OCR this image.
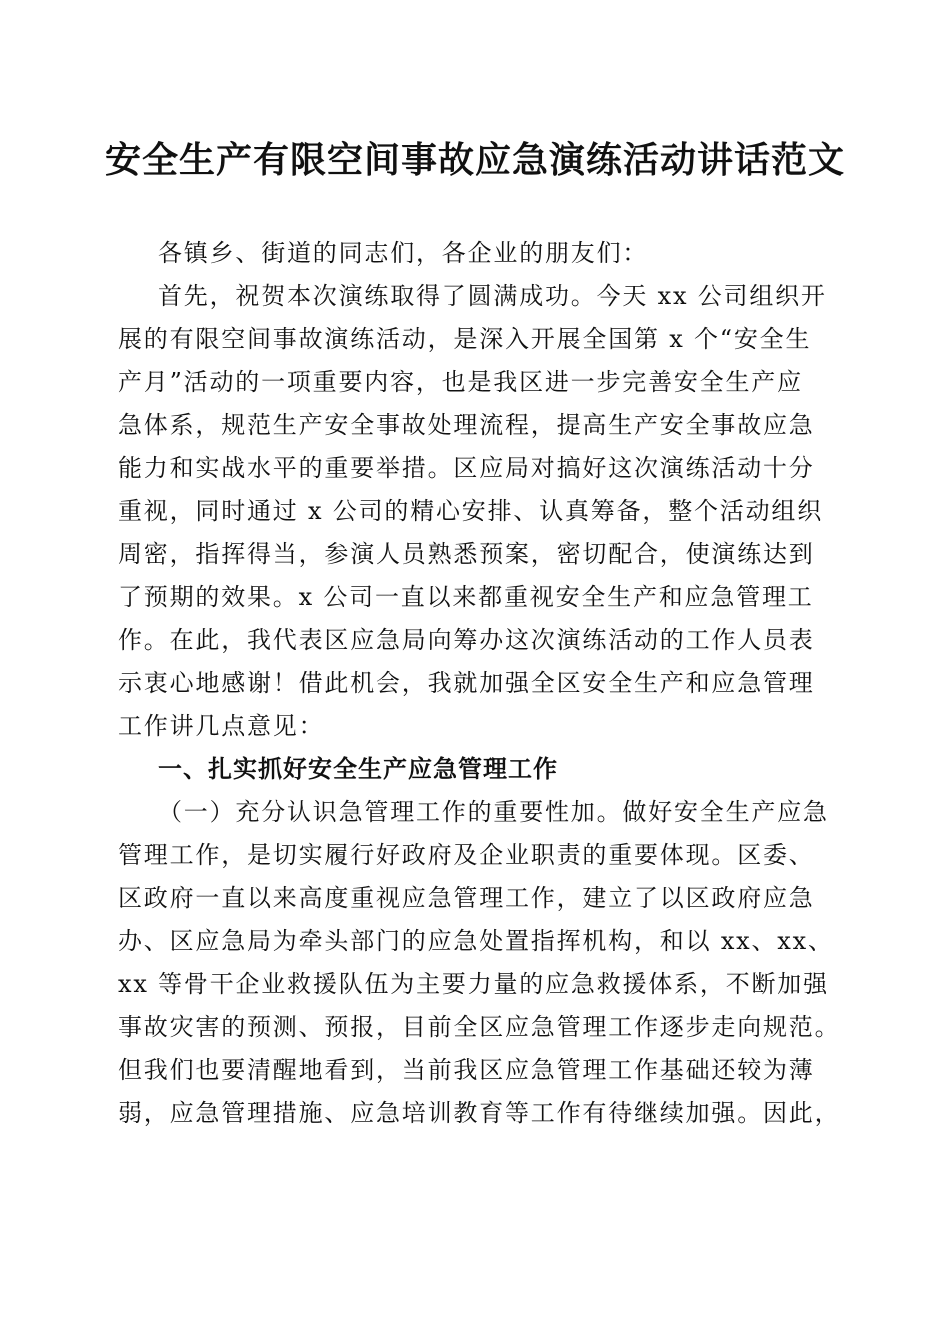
安全生产有限空间事故应急演练活动讲话范文
各镇乡、街道的同志们，各企业的朋友们：
首先，祝贺本次演练取得了圆满成功。今天 xx 公司组织开
展的有限空间事故演练活动，是深入开展全国第 x 个“安全生
产月”活动的一项重要内容，也是我区进一步完善安全生产应
急体系，规范生产安全事故处理流程，提高生产安全事故应急
能力和实战水平的重要举措。区应局对搞好这次演练活动十分
重视，同时通过 x 公司的精心安排、认真筹备，整个活动组织
周密，指挥得当，参演人员熟悉预案，密切配合，使演练达到
了预期的效果。x 公司一直以来都重视安全生产和应急管理工
作。在此，我代表区应急局向筹办这次演练活动的工作人员表
示衷心地感谢！借此机会，我就加强全区安全生产和应急管理
工作讲几点意见：
一、扎实抓好安全生产应急管理工作
（一）充分认识急管理工作的重要性加。做好安全生产应急
管理工作，是切实履行好政府及企业职责的重要体现。区委、
区政府一直以来高度重视应急管理工作，建立了以区政府应急
办、区应急局为牵头部门的应急处置指挥机构，和以 xx、xx、
xx 等骨干企业救援队伍为主要力量的应急救援体系，不断加强
事故灾害的预测、预报，目前全区应急管理工作逐步走向规范。
但我们也要清醒地看到，当前我区应急管理工作基础还较为薄
弱，应急管理措施、应急培训教育等工作有待继续加强。因此，
